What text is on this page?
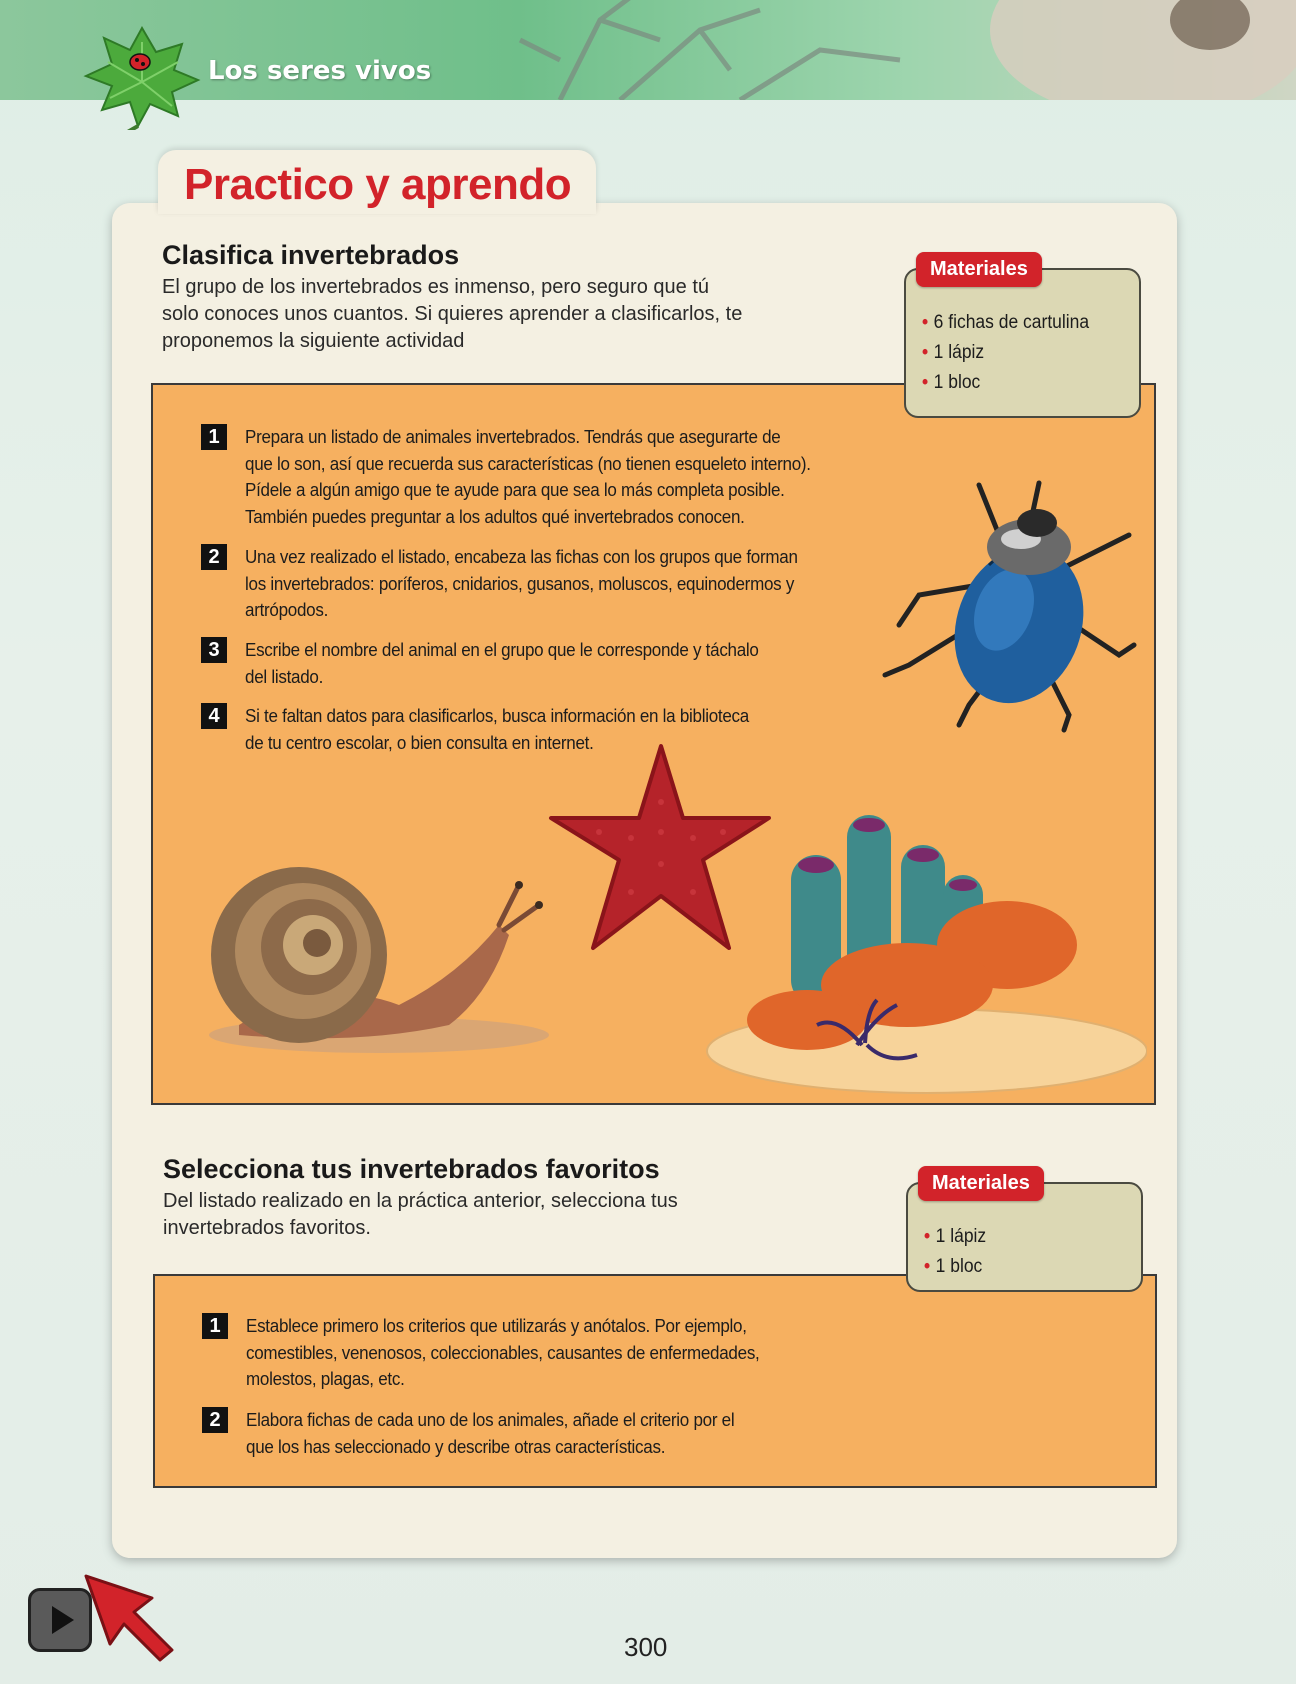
Los seres vivos
Practico y aprendo
Clasifica invertebrados
El grupo de los invertebrados es inmenso, pero seguro que tú
solo conoces unos cuantos. Si quieres aprender a clasificarlos, te
proponemos la siguiente actividad
1	Prepara un listado de animales invertebrados. Tendrás que asegurarte de
que lo son, así que recuerda sus características (no tienen esqueleto interno).
Pídele a algún amigo que te ayude para que sea lo más completa posible.
También puedes preguntar a los adultos qué invertebrados conocen.
2	Una vez realizado el listado, encabeza las fichas con los grupos que forman
los invertebrados: poríferos, cnidarios, gusanos, moluscos, equinodermos y
artrópodos.
3	Escribe el nombre del animal en el grupo que le corresponde y táchalo
del listado.
4	Si te faltan datos para clasificarlos, busca información en la biblioteca
de tu centro escolar, o bien consulta en internet.
Materiales
• 6 fichas de cartulina
• 1 lápiz
• 1 bloc
Selecciona tus invertebrados favoritos
Del listado realizado en la práctica anterior, selecciona tus
invertebrados favoritos.
1	Establece primero los criterios que utilizarás y anótalos. Por ejemplo,
comestibles, venenosos, coleccionables, causantes de enfermedades,
molestos, plagas, etc.
2	Elabora fichas de cada uno de los animales, añade el criterio por el
que los has seleccionado y describe otras características.
Materiales
• 1 lápiz
• 1 bloc
300
